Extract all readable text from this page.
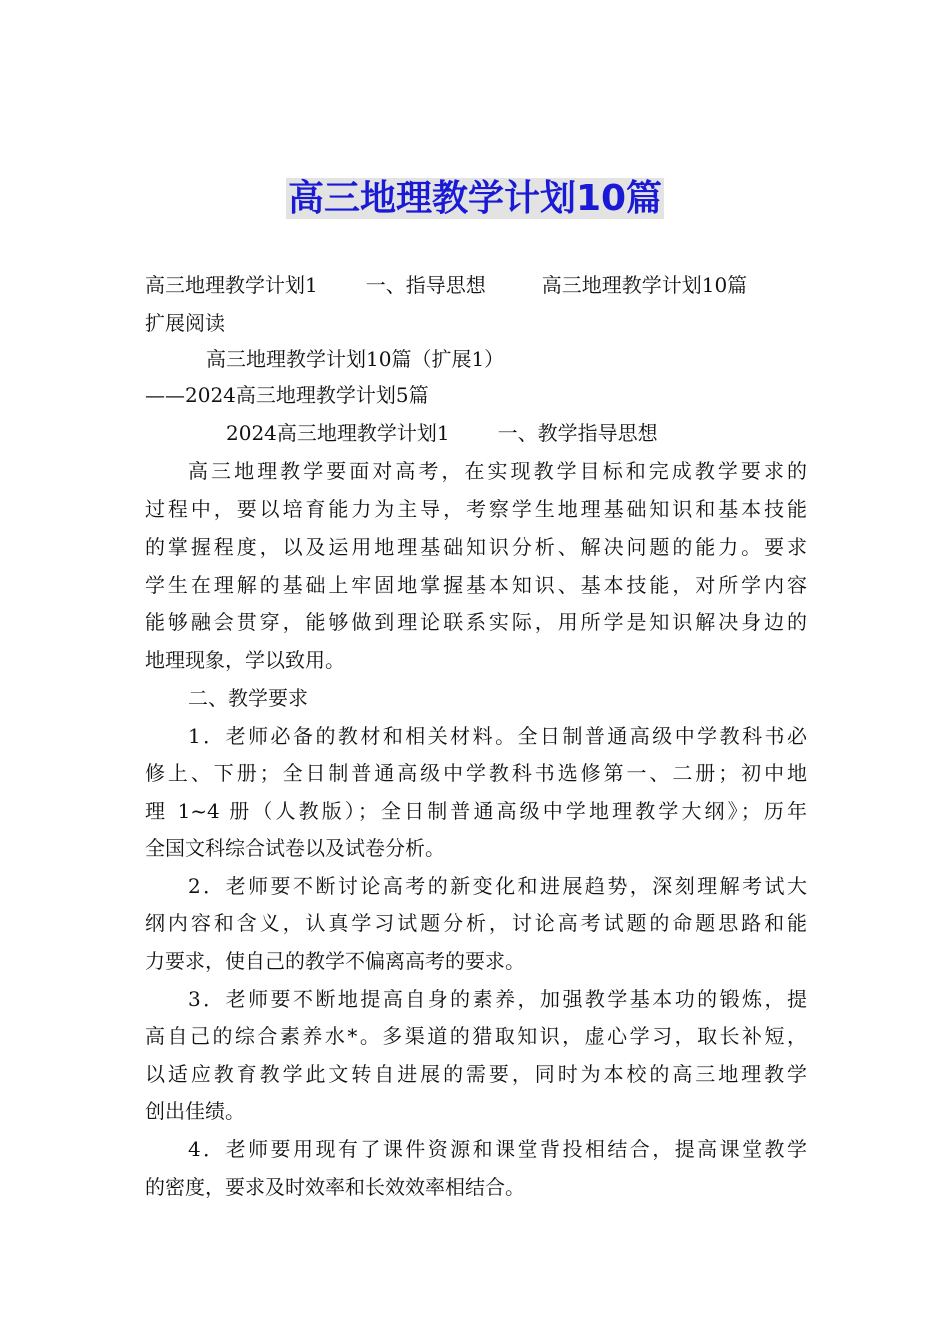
高三地理教学计划10篇
高三地理教学计划1 一、指导思想	高三地理教学计划10篇
扩展阅读
高三地理教学计划10篇（扩展1）
——2024高三地理教学计划5篇
2024高三地理教学计划1 一、教学指导思想
高三地理教学要面对高考，在实现教学目标和完成教学要求的
过程中，要以培育能力为主导，考察学生地理基础知识和基本技能
的掌握程度，以及运用地理基础知识分析、解决问题的能力。要求
学生在理解的基础上牢固地掌握基本知识、基本技能，对所学内容
能够融会贯穿，能够做到理论联系实际，用所学是知识解决身边的
地理现象，学以致用。
二、教学要求
1．老师必备的教材和相关材料。全日制普通高级中学教科书必
修上、下册；全日制普通高级中学教科书选修第一、二册；初中地
理 1~4 册（人教版）；全日制普通高级中学地理教学大纲》；历年
全国文科综合试卷以及试卷分析。
2．老师要不断讨论高考的新变化和进展趋势，深刻理解考试大
纲内容和含义，认真学习试题分析，讨论高考试题的命题思路和能
力要求，使自己的教学不偏离高考的要求。
3．老师要不断地提高自身的素养，加强教学基本功的锻炼，提
高自己的综合素养水*。多渠道的猎取知识，虚心学习，取长补短，
以适应教育教学此文转自进展的需要，同时为本校的高三地理教学
创出佳绩。
4．老师要用现有了课件资源和课堂背投相结合，提高课堂教学
的密度，要求及时效率和长效效率相结合。
